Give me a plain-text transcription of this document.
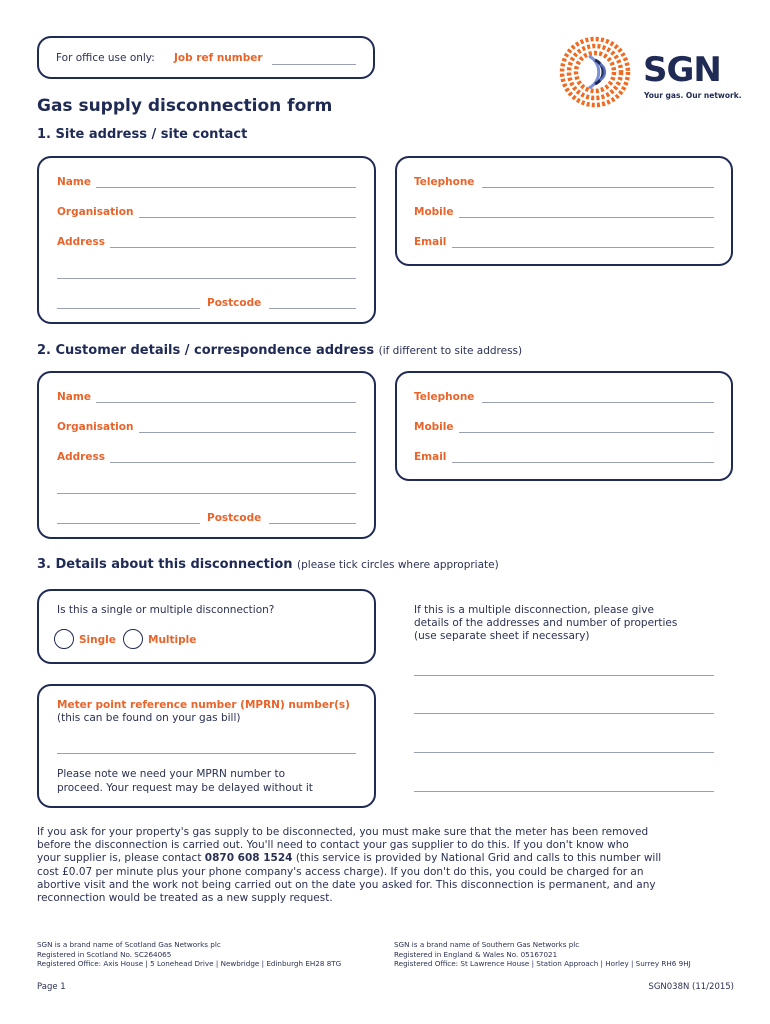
For office use only: Job ref number	SGN
Your gas. Our network.
Gas supply disconnection form
1. Site address / site contact
Name
Organisation
Address
Postcode
Telephone
Mobile
Email
2. Customer details / correspondence address (if different to site address)
Name
Organisation
Address
Postcode
Telephone
Mobile
Email
3. Details about this disconnection (please tick circles where appropriate)
Is this a single or multiple disconnection?
Single	Multiple
Meter point reference number (MPRN) number(s)
(this can be found on your gas bill)
Please note we need your MPRN number to
proceed. Your request may be delayed without it
If this is a multiple disconnection, please give
details of the addresses and number of properties
(use separate sheet if necessary)
If you ask for your property's gas supply to be disconnected, you must make sure that the meter has been removed
before the disconnection is carried out. You'll need to contact your gas supplier to do this. If you don't know who
your supplier is, please contact 0870 608 1524 (this service is provided by National Grid and calls to this number will
cost £0.07 per minute plus your phone company's access charge). If you don't do this, you could be charged for an
abortive visit and the work not being carried out on the date you asked for. This disconnection is permanent, and any
reconnection would be treated as a new supply request.
SGN is a brand name of Scotland Gas Networks plc
Registered in Scotland No. SC264065
Registered Office: Axis House | 5 Lonehead Drive | Newbridge | Edinburgh EH28 8TG
SGN is a brand name of Southern Gas Networks plc
Registered in England & Wales No. 05167021
Registered Office: St Lawrence House | Station Approach | Horley | Surrey RH6 9HJ
Page 1	SGN038N (11/2015)
